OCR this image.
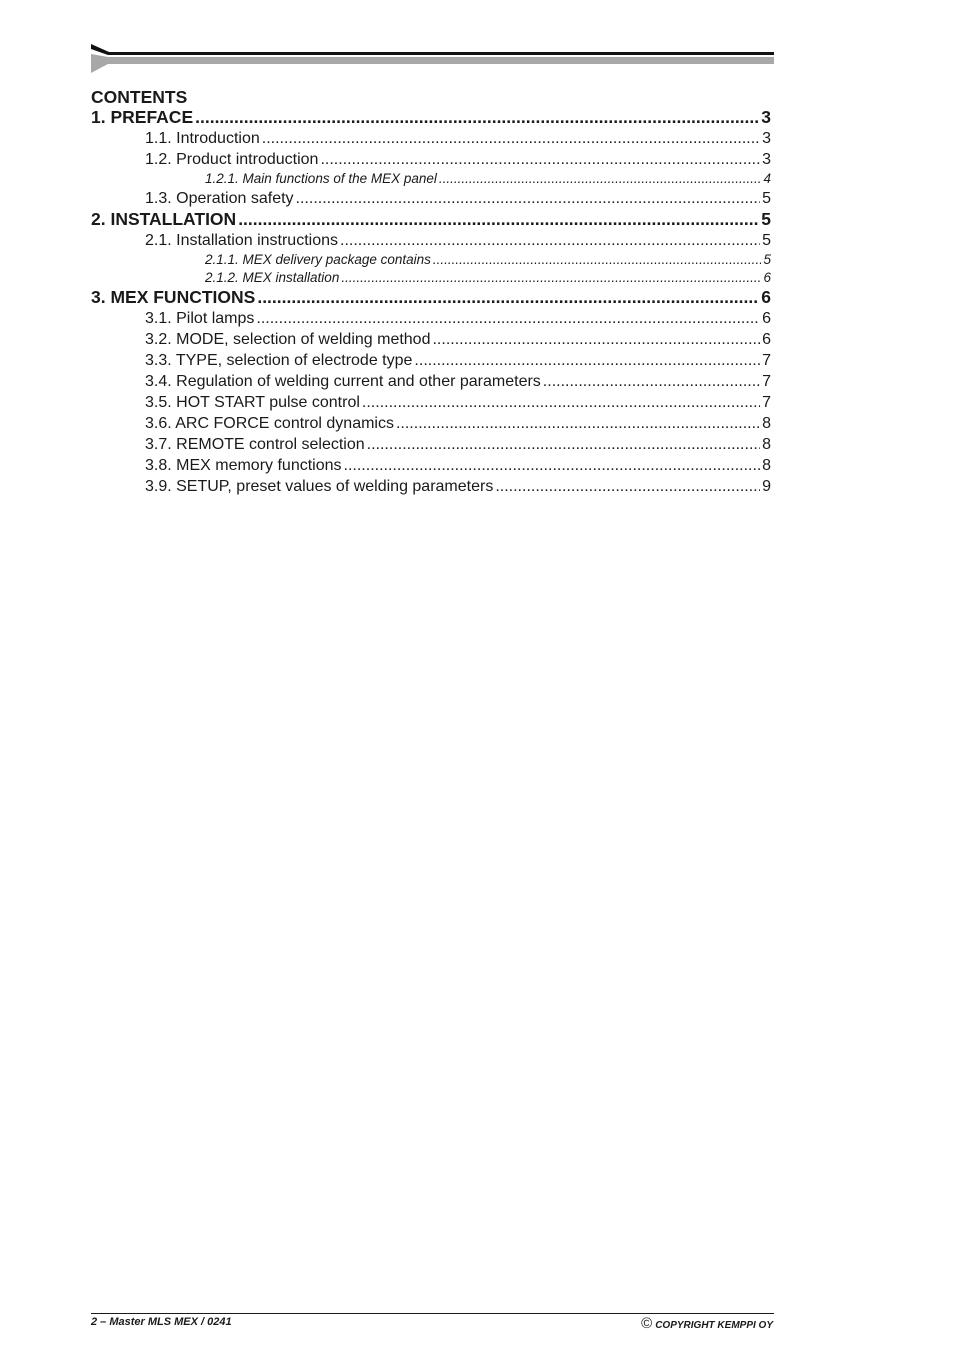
CONTENTS
1. PREFACE .....	3
1.1. Introduction .....	3
1.2. Product introduction .....	3
1.2.1. Main functions of the MEX panel .....	4
1.3. Operation safety .....	5
2. INSTALLATION .....	5
2.1. Installation instructions .....	5
2.1.1. MEX delivery package contains .....	5
2.1.2. MEX installation .....	6
3. MEX FUNCTIONS .....	6
3.1. Pilot lamps .....	6
3.2. MODE, selection of welding method .....	6
3.3. TYPE, selection of electrode type .....	7
3.4. Regulation of welding current and other parameters .....	7
3.5. HOT START pulse control .....	7
3.6. ARC FORCE control dynamics .....	8
3.7. REMOTE control selection .....	8
3.8. MEX memory functions .....	8
3.9. SETUP, preset values of welding parameters .....	9
2 – Master MLS MEX / 0241	© COPYRIGHT KEMPPI OY
